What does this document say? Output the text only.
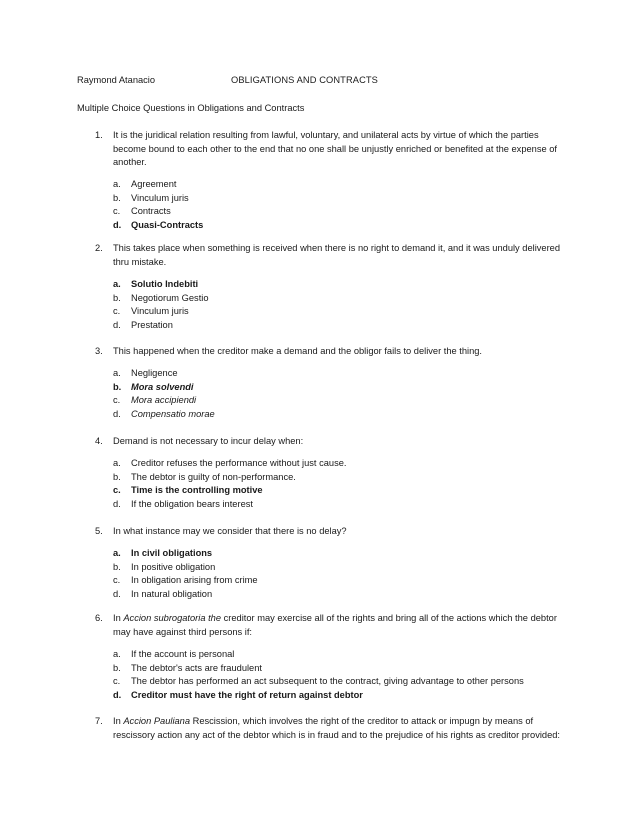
Raymond Atanacio	OBLIGATIONS AND CONTRACTS
Multiple Choice Questions in Obligations and Contracts
1. It is the juridical relation resulting from lawful, voluntary, and unilateral acts by virtue of which the parties become bound to each other to the end that no one shall be unjustly enriched or benefited at the expense of another.
a.	Agreement
b.	Vinculum juris
c.	Contracts
d.	Quasi-Contracts
2. This takes place when something is received when there is no right to demand it, and it was unduly delivered thru mistake.
a.	Solutio Indebiti
b.	Negotiorum Gestio
c.	Vinculum juris
d.	Prestation
3. This happened when the creditor make a demand and the obligor fails to deliver the thing.
a.	Negligence
b.	Mora solvendi
c.	Mora accipiendi
d.	Compensatio morae
4. Demand is not necessary to incur delay when:
a.	Creditor refuses the performance without just cause.
b.	The debtor is guilty of non-performance.
c.	Time is the controlling motive
d.	If the obligation bears interest
5. In what instance may we consider that there is no delay?
a.	In civil obligations
b.	In positive obligation
c.	In obligation arising from crime
d.	In natural obligation
6. In Accion subrogatoria the creditor may exercise all of the rights and bring all of the actions which the debtor may have against third persons if:
a.	If the account is personal
b.	The debtor's acts are fraudulent
c.	The debtor has performed an act subsequent to the contract, giving advantage to other persons
d.	Creditor must have the right of return against debtor
7. In Accion Pauliana Rescission, which involves the right of the creditor to attack or impugn by means of rescissory action any act of the debtor which is in fraud and to the prejudice of his rights as creditor provided:
